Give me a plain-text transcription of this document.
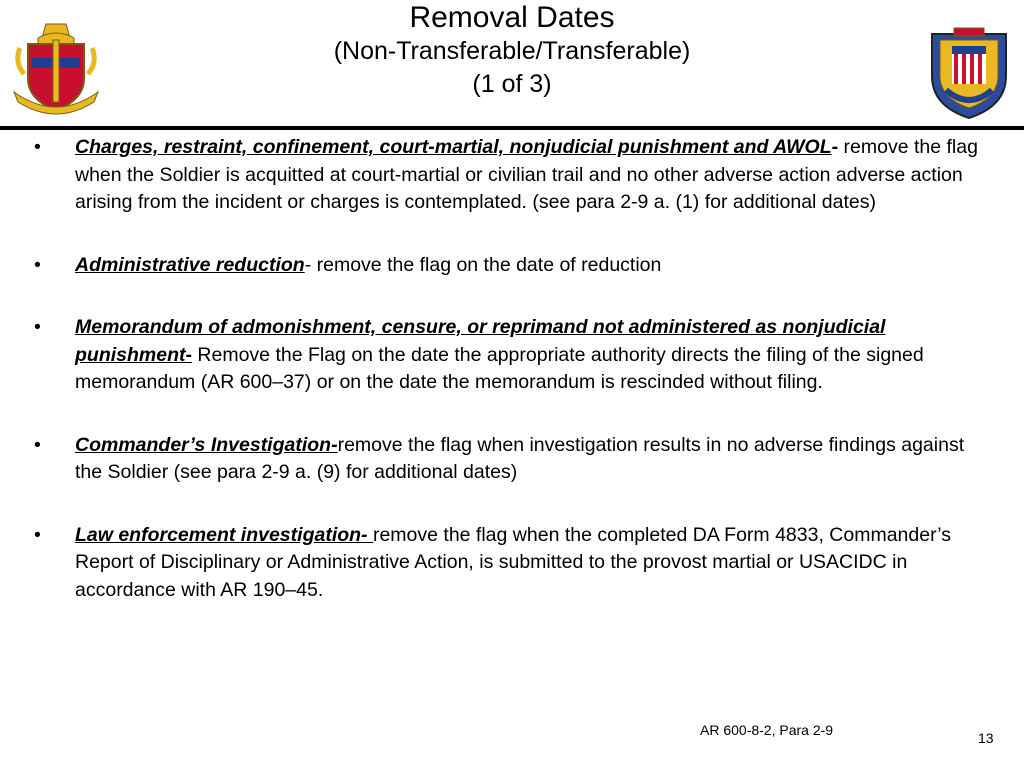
Removal Dates
(Non-Transferable/Transferable)
(1 of 3)
• Charges, restraint, confinement, court-martial, nonjudicial punishment and AWOL- remove the flag when the Soldier is acquitted at court-martial or civilian trail and no other adverse action adverse action arising from the incident or charges is contemplated. (see para 2-9 a. (1) for additional dates)
• Administrative reduction- remove the flag on the date of reduction
• Memorandum of admonishment, censure, or reprimand not administered as nonjudicial punishment- Remove the Flag on the date the appropriate authority directs the filing of the signed memorandum (AR 600–37) or on the date the memorandum is rescinded without filing.
• Commander’s Investigation-remove the flag when investigation results in no adverse findings against the Soldier (see para 2-9 a. (9) for additional dates)
• Law enforcement investigation- remove the flag when the completed DA Form 4833, Commander’s Report of Disciplinary or Administrative Action, is submitted to the provost martial or USACIDC in accordance with AR 190–45.
AR 600-8-2, Para 2-9	13
